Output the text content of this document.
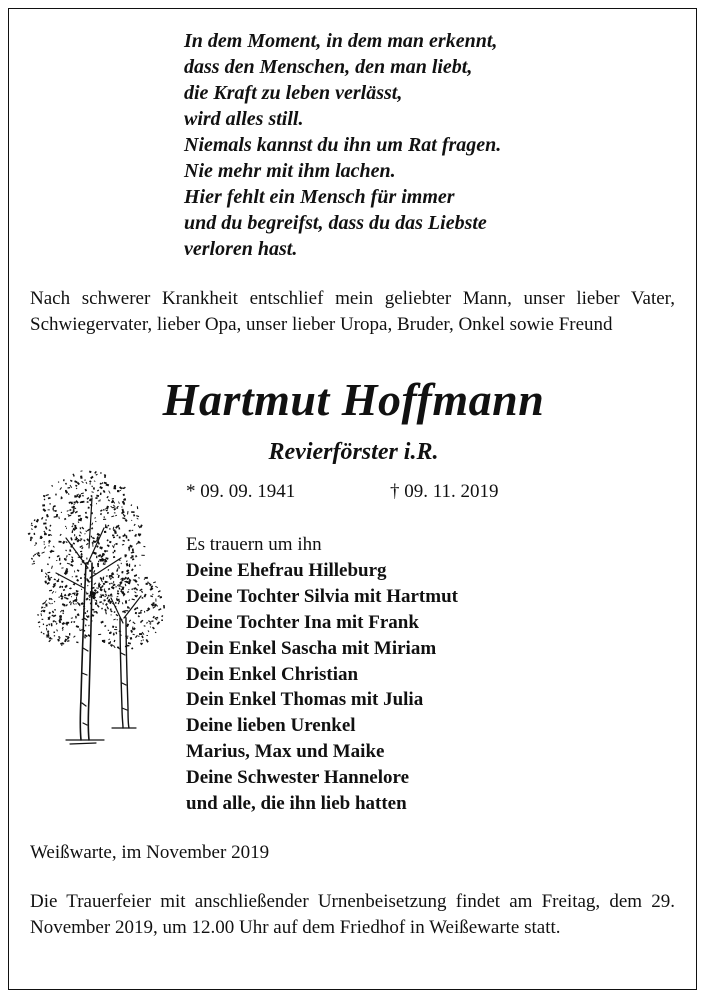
In dem Moment, in dem man erkennt,
dass den Menschen, den man liebt,
die Kraft zu leben verlässt,
wird alles still.
Niemals kannst du ihn um Rat fragen.
Nie mehr mit ihm lachen.
Hier fehlt ein Mensch für immer
und du begreifst, dass du das Liebste
verloren hast.
Nach schwerer Krankheit entschlief mein geliebter Mann, unser lieber Vater, Schwiegervater, lieber Opa, unser lieber Uropa, Bruder, Onkel sowie Freund
Hartmut Hoffmann
Revierförster i.R.
* 09. 09. 1941	† 09. 11. 2019
Es trauern um ihn
Deine Ehefrau Hilleburg
Deine Tochter Silvia mit Hartmut
Deine Tochter Ina mit Frank
Dein Enkel Sascha mit Miriam
Dein Enkel Christian
Dein Enkel Thomas mit Julia
Deine lieben Urenkel
Marius, Max und Maike
Deine Schwester Hannelore
und alle, die ihn lieb hatten
Weißwarte, im November 2019
Die Trauerfeier mit anschließender Urnenbeisetzung findet am Freitag, dem 29. November 2019, um 12.00 Uhr auf dem Friedhof in Weißewarte statt.
